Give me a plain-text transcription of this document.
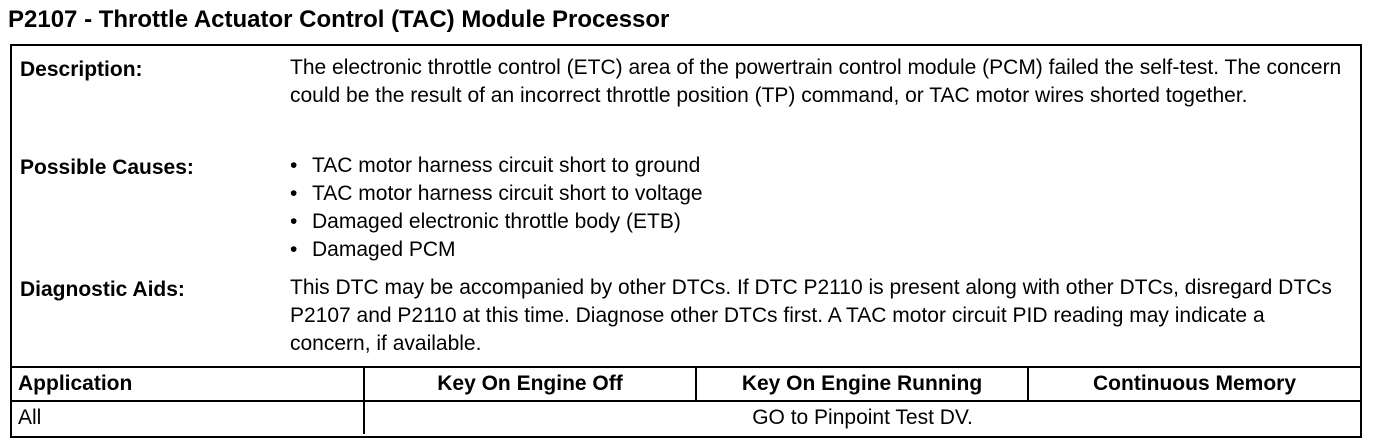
P2107 - Throttle Actuator Control (TAC) Module Processor
Description:	The electronic throttle control (ETC) area of the powertrain control module (PCM) failed the self-test. The concern could be the result of an incorrect throttle position (TP) command, or TAC motor wires shorted together.

Possible Causes:	• TAC motor harness circuit short to ground
• TAC motor harness circuit short to voltage
• Damaged electronic throttle body (ETB)
• Damaged PCM
Diagnostic Aids:	This DTC may be accompanied by other DTCs. If DTC P2110 is present along with other DTCs, disregard DTCs P2107 and P2110 at this time. Diagnose other DTCs first. A TAC motor circuit PID reading may indicate a concern, if available.

Application	Key On Engine Off	Key On Engine Running	Continuous Memory
All	GO to Pinpoint Test DV.		
